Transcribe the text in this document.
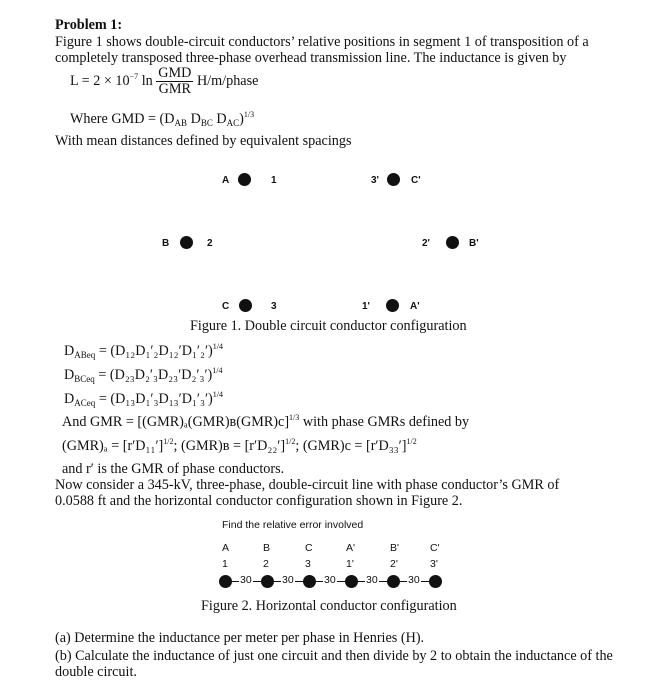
Problem 1:
Figure 1 shows double-circuit conductors’ relative positions in segment 1 of transposition of a
completely transposed three-phase overhead transmission line. The inductance is given by
$L = 2 \times 10^{-7}$ $\ln \frac{\text{GMD}}{\text{GMR}}$ H/m/phase
Where GMD = ($D_{AB}$ $D_{BC}$ $D_{AC})^{1/3}$
With mean distances defined by equivalent spacings
A	1	3'	C'
B	2	2'	B'
C	3	1'	A'
Figure 1. Double circuit conductor configuration
$D_{ABeq} = (D_{12}D_1'_2D_{12}'D_1'_2')^{1/4}$
$D_{BCeq} = (D_{23}D_2'_3D_{23}'D_2'_3')^{1/4}$
$D_{ACeq} = (D_{13}D_1'_3D_{13}'D_1'_3')^{1/4}$
And GMR = [(GMR)ₐ(GMR)ʙ(GMR)c]$^{1/3}$ with phase GMRs defined by
$(GMR)_a = [r'D_{11}']^{1/2}$; (GMR)ʙ = $[r'D_{22}']^{1/2}$; $(GMR)c = [r'D_{33}']^{1/2}$
and r′ is the GMR of phase conductors.
Now consider a 345-kV, three-phase, double-circuit line with phase conductor’s GMR of
0.0588 ft and the horizontal conductor configuration shown in Figure 2.
Find the relative error involved
A	B	C	A'	B'	C'
1	2	3	1'	2'	3'
30	30	30	30	30
Figure 2. Horizontal conductor configuration
(a) Determine the inductance per meter per phase in Henries (H).
(b) Calculate the inductance of just one circuit and then divide by 2 to obtain the inductance of the
double circuit.
